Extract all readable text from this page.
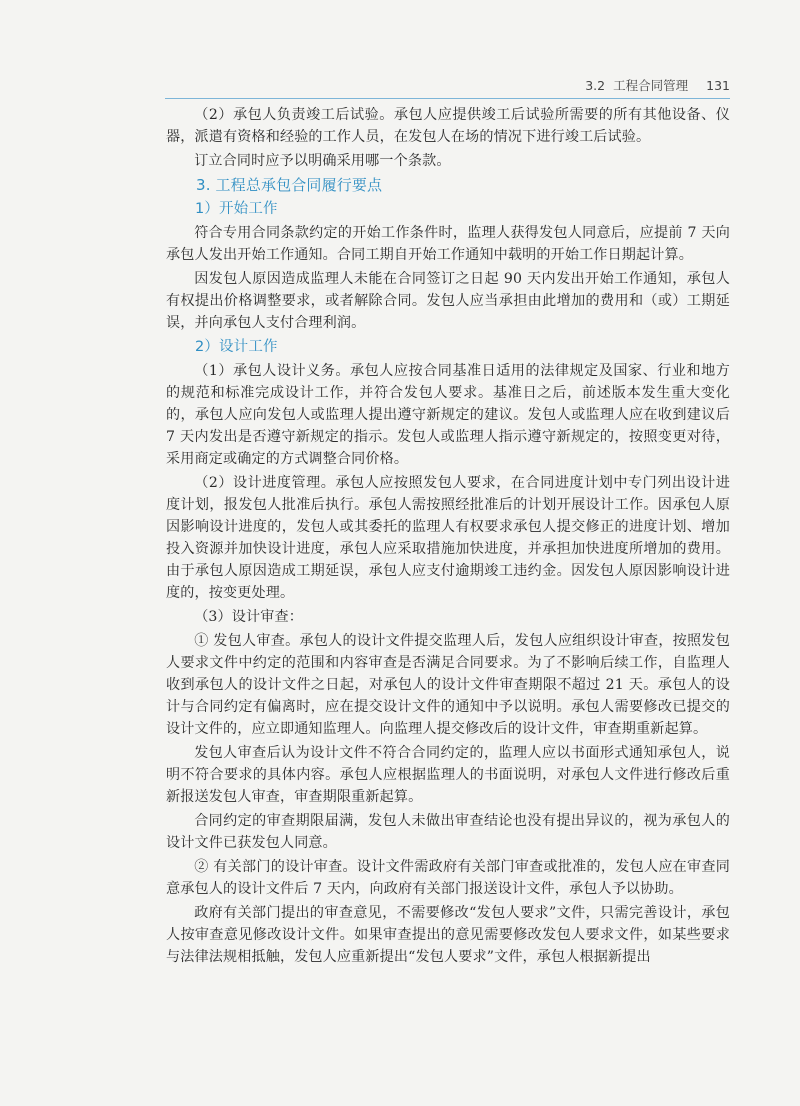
3.2 工程合同管理 131

（2）承包人负责竣工后试验。承包人应提供竣工后试验所需要的所有其他设备、仪器，派遣有资格和经验的工作人员，在发包人在场的情况下进行竣工后试验。

订立合同时应予以明确采用哪一个条款。

3. 工程总承包合同履行要点
1）开始工作

符合专用合同条款约定的开始工作条件时，监理人获得发包人同意后，应提前 7 天向承包人发出开始工作通知。合同工期自开始工作通知中载明的开始工作日期起计算。

因发包人原因造成监理人未能在合同签订之日起 90 天内发出开始工作通知，承包人有权提出价格调整要求，或者解除合同。发包人应当承担由此增加的费用和（或）工期延误，并向承包人支付合理利润。

2）设计工作

（1）承包人设计义务。承包人应按合同基准日适用的法律规定及国家、行业和地方的规范和标准完成设计工作，并符合发包人要求。基准日之后，前述版本发生重大变化的，承包人应向发包人或监理人提出遵守新规定的建议。发包人或监理人应在收到建议后 7 天内发出是否遵守新规定的指示。发包人或监理人指示遵守新规定的，按照变更对待，采用商定或确定的方式调整合同价格。

（2）设计进度管理。承包人应按照发包人要求，在合同进度计划中专门列出设计进度计划，报发包人批准后执行。承包人需按照经批准后的计划开展设计工作。因承包人原因影响设计进度的，发包人或其委托的监理人有权要求承包人提交修正的进度计划、增加投入资源并加快设计进度，承包人应采取措施加快进度，并承担加快进度所增加的费用。由于承包人原因造成工期延误，承包人应支付逾期竣工违约金。因发包人原因影响设计进度的，按变更处理。

（3）设计审查：

① 发包人审查。承包人的设计文件提交监理人后，发包人应组织设计审查，按照发包人要求文件中约定的范围和内容审查是否满足合同要求。为了不影响后续工作，自监理人收到承包人的设计文件之日起，对承包人的设计文件审查期限不超过 21 天。承包人的设计与合同约定有偏离时，应在提交设计文件的通知中予以说明。承包人需要修改已提交的设计文件的，应立即通知监理人。向监理人提交修改后的设计文件，审查期重新起算。

发包人审查后认为设计文件不符合合同约定的，监理人应以书面形式通知承包人，说明不符合要求的具体内容。承包人应根据监理人的书面说明，对承包人文件进行修改后重新报送发包人审查，审查期限重新起算。

合同约定的审查期限届满，发包人未做出审查结论也没有提出异议的，视为承包人的设计文件已获发包人同意。

② 有关部门的设计审查。设计文件需政府有关部门审查或批准的，发包人应在审查同意承包人的设计文件后 7 天内，向政府有关部门报送设计文件，承包人予以协助。

政府有关部门提出的审查意见，不需要修改“发包人要求”文件，只需完善设计，承包人按审查意见修改设计文件。如果审查提出的意见需要修改发包人要求文件，如某些要求与法律法规相抵触，发包人应重新提出“发包人要求”文件，承包人根据新提出
